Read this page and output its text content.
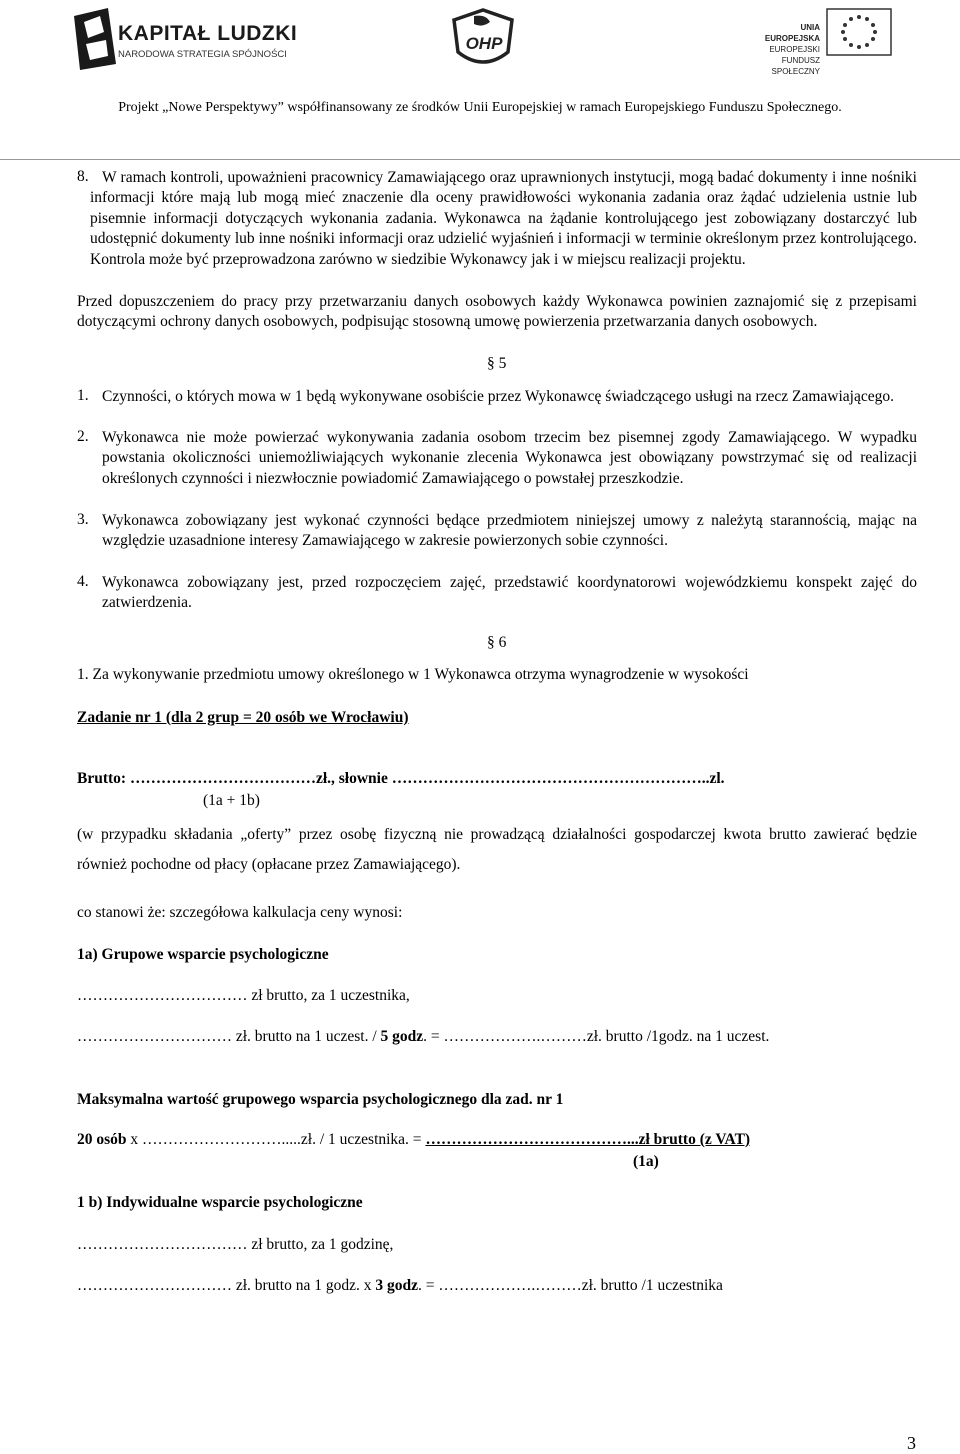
KAPITAŁ LUDZKI
NARODOWA STRATEGIA SPÓJNOŚCI
OHP
UNIA EUROPEJSKA
EUROPEJSKI
FUNDUSZ SPOŁECZNY
Projekt „Nowe Perspektywy” współfinansowany ze środków Unii Europejskiej w ramach Europejskiego Funduszu Społecznego.
8. W ramach kontroli, upoważnieni pracownicy Zamawiającego oraz uprawnionych instytucji, mogą badać dokumenty i inne nośniki informacji które mają lub mogą mieć znaczenie dla oceny prawidłowości wykonania zadania oraz żądać udzielenia ustnie lub pisemnie informacji dotyczących wykonania zadania. Wykonawca na żądanie kontrolującego jest zobowiązany dostarczyć lub udostępnić dokumenty lub inne nośniki informacji oraz udzielić wyjaśnień i informacji w terminie określonym przez kontrolującego. Kontrola może być przeprowadzona zarówno w siedzibie Wykonawcy jak i w miejscu realizacji projektu.
Przed dopuszczeniem do pracy przy przetwarzaniu danych osobowych każdy Wykonawca powinien zaznajomić się z przepisami dotyczącymi ochrony danych osobowych, podpisując stosowną umowę powierzenia przetwarzania danych osobowych.
§ 5
1. Czynności, o których mowa w 1 będą wykonywane osobiście przez Wykonawcę świadczącego usługi na rzecz Zamawiającego.
2. Wykonawca nie może powierzać wykonywania zadania osobom trzecim bez pisemnej zgody Zamawiającego. W wypadku powstania okoliczności uniemożliwiających wykonanie zlecenia Wykonawca jest obowiązany powstrzymać się od realizacji określonych czynności i niezwłocznie powiadomić Zamawiającego o powstałej przeszkodzie.
3. Wykonawca zobowiązany jest wykonać czynności będące przedmiotem niniejszej umowy z należytą starannością, mając na względzie uzasadnione interesy Zamawiającego w zakresie powierzonych sobie czynności.
4. Wykonawca zobowiązany jest, przed rozpoczęciem zajęć, przedstawić koordynatorowi wojewódzkiemu konspekt zajęć do zatwierdzenia.
§ 6
1. Za wykonywanie przedmiotu umowy określonego w 1 Wykonawca otrzyma wynagrodzenie w wysokości
Zadanie nr 1 (dla 2 grup = 20 osób we Wrocławiu)
Brutto: ………………………………zł., słownie ……………………………………………………..zl.
(1a + 1b)
(w przypadku składania „oferty” przez osobę fizyczną nie prowadzącą działalności gospodarczej kwota brutto zawierać będzie również pochodne od płacy (opłacane przez Zamawiającego).
co stanowi że: szczegółowa kalkulacja ceny wynosi:
1a) Grupowe wsparcie psychologiczne
…………………………… zł brutto, za 1 uczestnika,
………………………… zł. brutto na 1 uczest. / 5 godz. = ……………….………zł. brutto /1godz. na 1 uczest.
Maksymalna wartość grupowego wsparcia psychologicznego dla zad. nr 1
20 osób x ……………………….....zł. / 1 uczestnika. = …………………………………...zł brutto (z VAT)
(1a)
1 b) Indywidualne wsparcie psychologiczne
…………………………… zł brutto, za 1 godzinę,
………………………… zł. brutto na 1 godz. x 3 godz. = ……………….………zł. brutto /1 uczestnika
3
